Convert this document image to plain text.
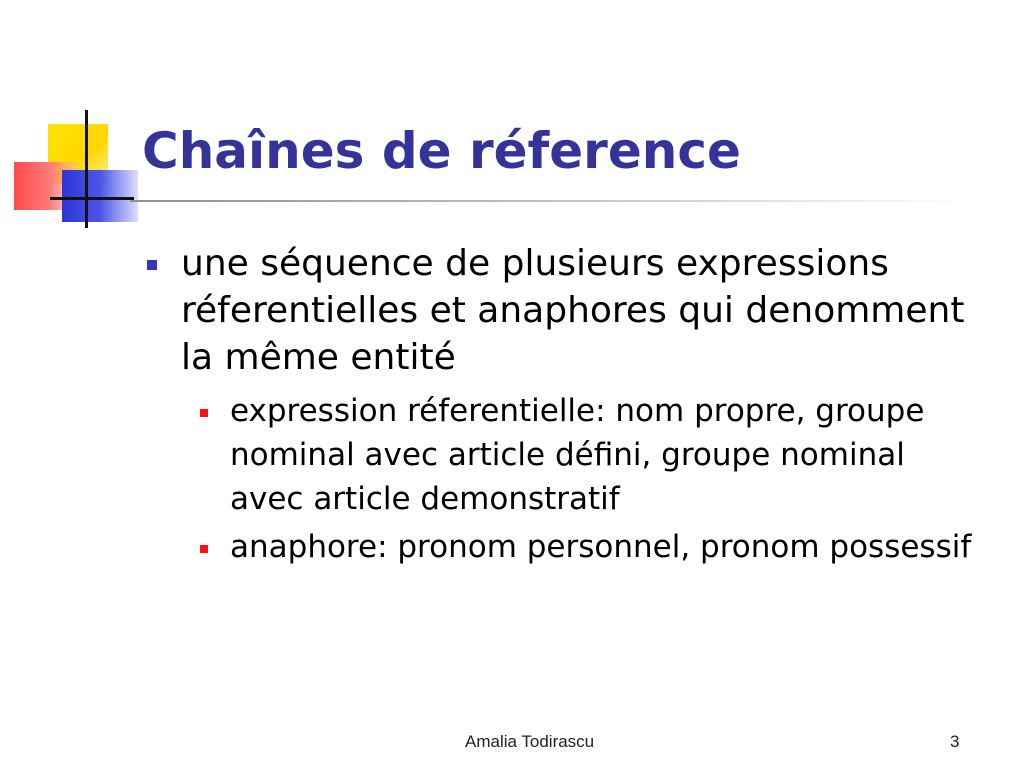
Chaînes de réference
une séquence de plusieurs expressions réferentielles et anaphores qui denomment la même entité
expression réferentielle: nom propre, groupe nominal avec article défini, groupe nominal avec article demonstratif
anaphore: pronom personnel, pronom possessif
Amalia Todirascu	3
